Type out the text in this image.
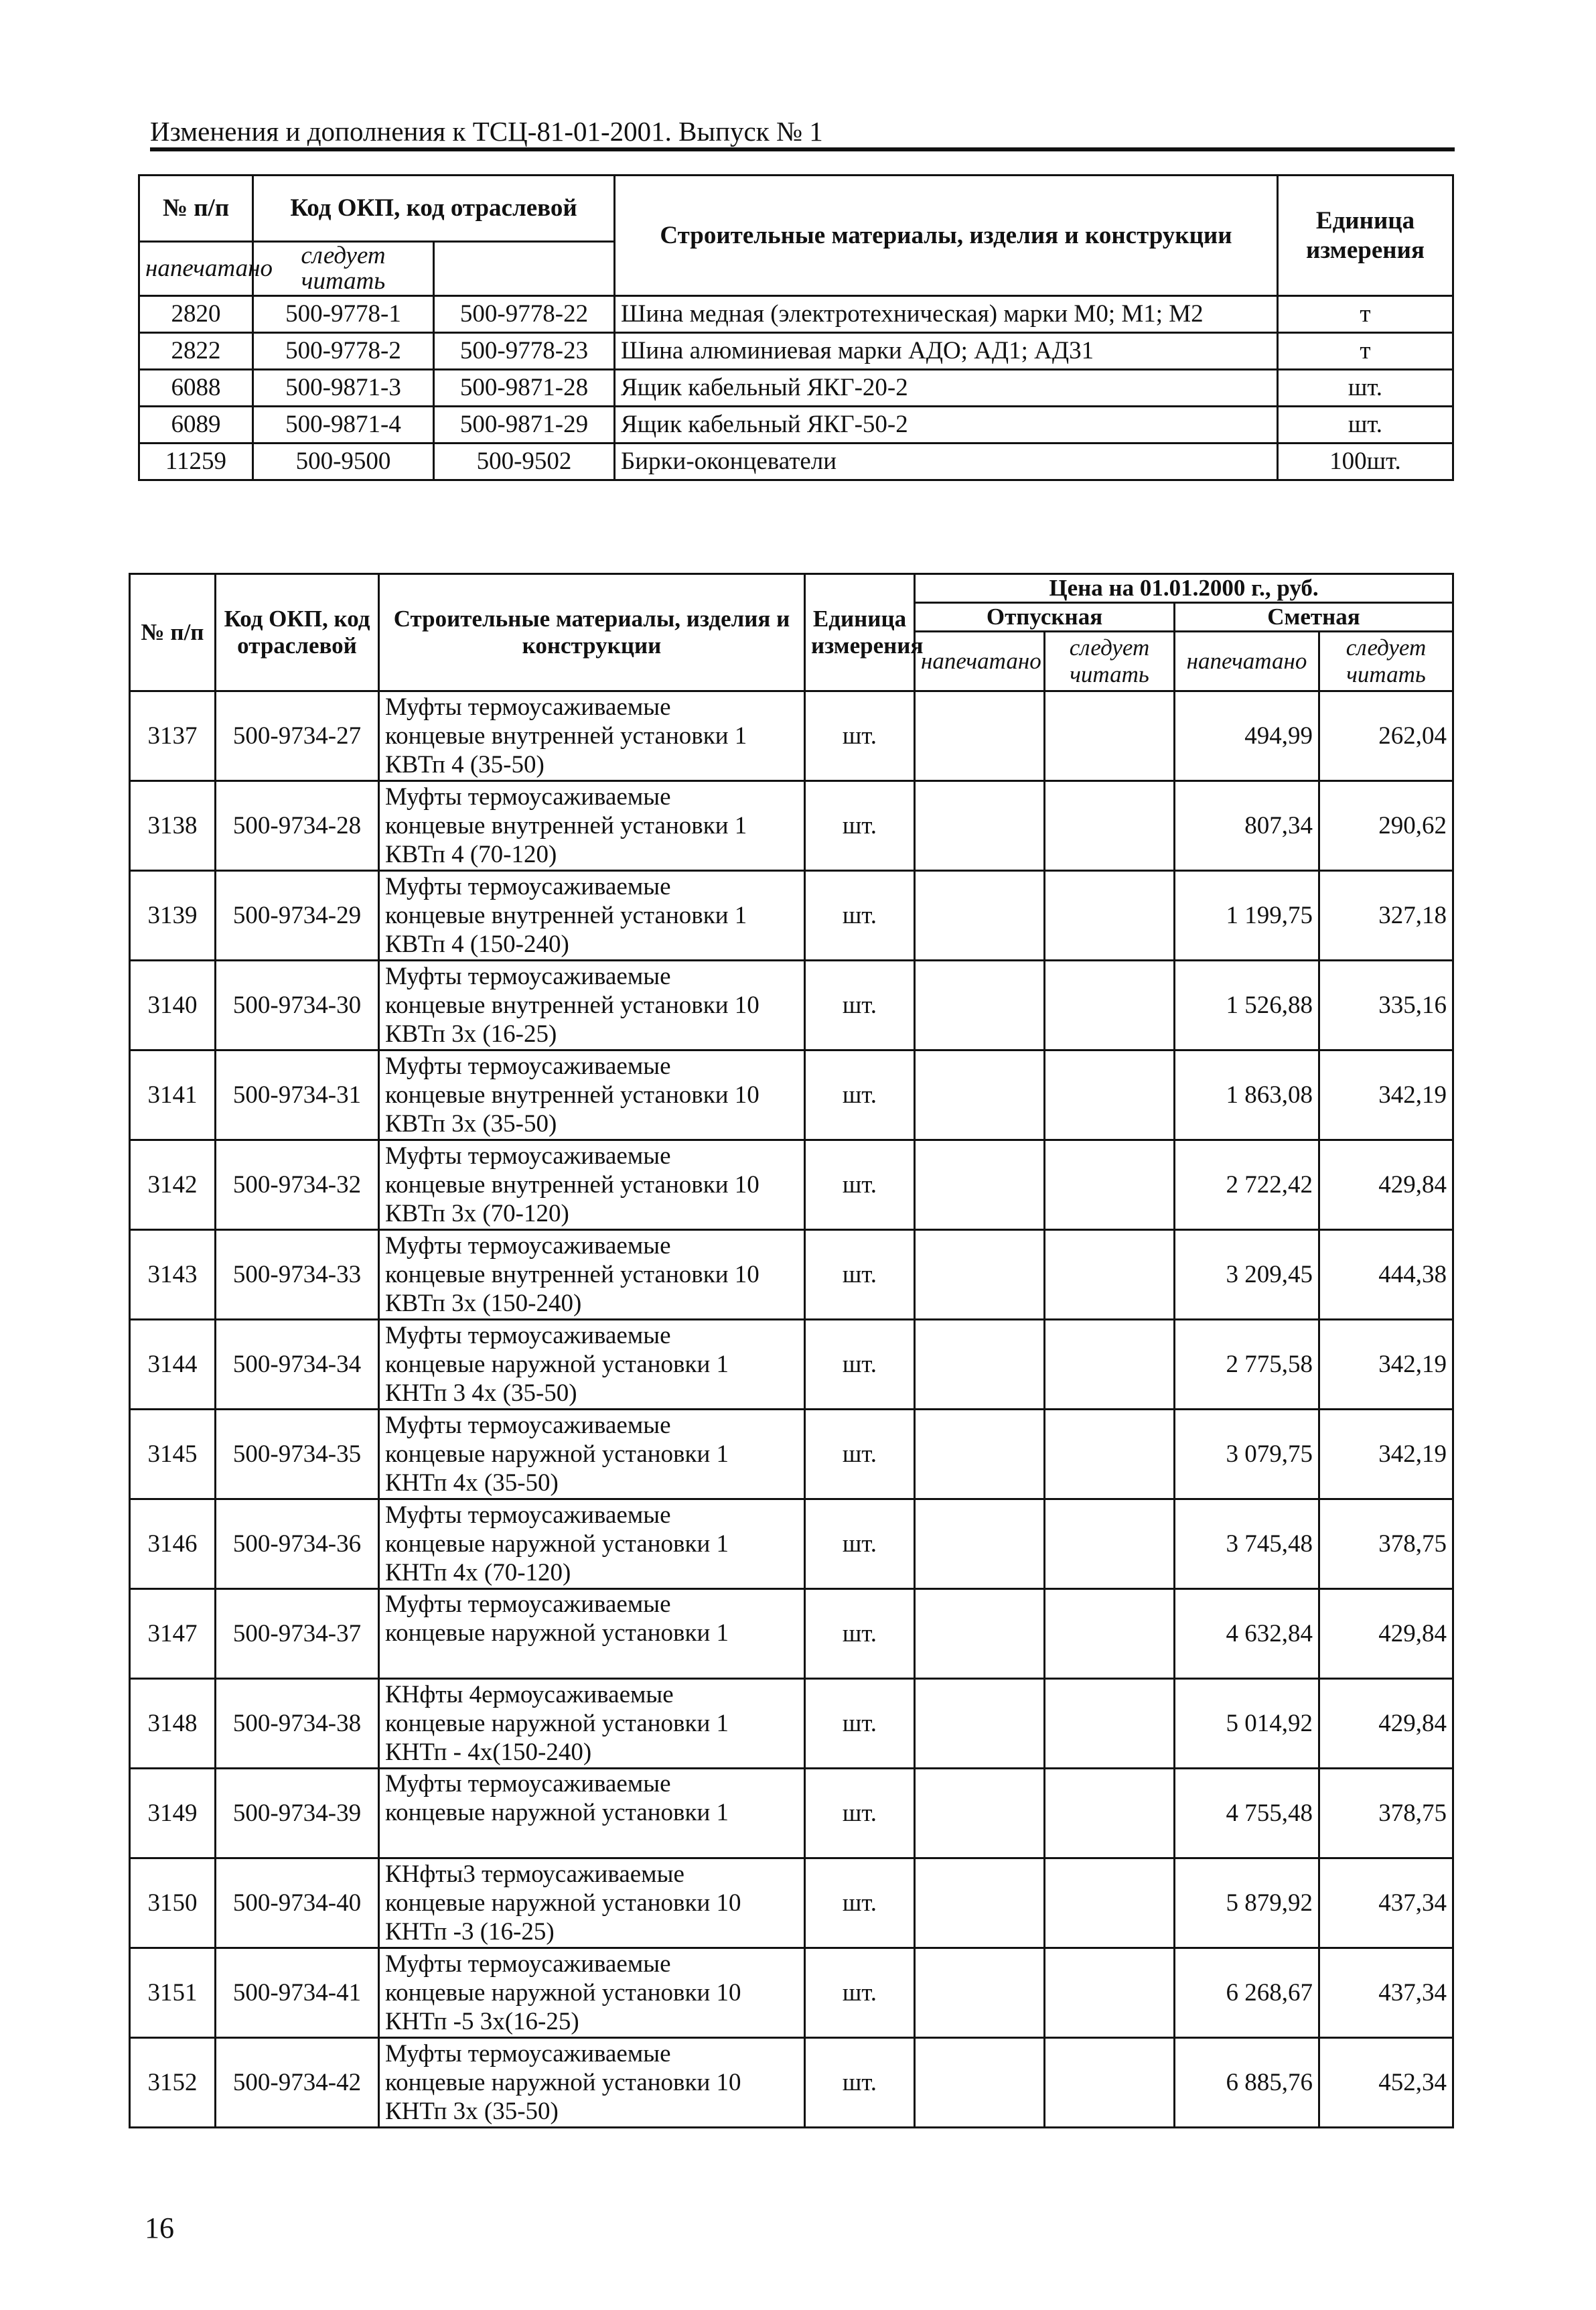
Изменения и дополнения к ТСЦ-81-01-2001. Выпуск № 1
№ п/п	Код ОКП, код отраслевой		Строительные материалы, изделия и конструкции	Единица измерения

напечатано	следует читать			
2820	500-9778-1	500-9778-22	Шина медная (электротехническая) марки М0; М1; М2	т
2822	500-9778-2	500-9778-23	Шина алюминиевая марки АДО; АД1; АД31	т
6088	500-9871-3	500-9871-28	Ящик кабельный ЯКГ-20-2	шт.
6089	500-9871-4	500-9871-29	Ящик кабельный ЯКГ-50-2	шт.
11259	500-9500	500-9502	Бирки-оконцеватели	100шт.
№ п/п	Код ОКП, код отраслевой	Строительные материалы, изделия и конструкции	Единица измерения	Цена на 01.01.2000 г., руб.			
				Отпускная		Сметная	
				напечатано	следует читать	напечатано	следует читать
3137	500-9734-27	Муфты термоусаживаемые
концевые внутренней установки 1
КВТп 4 (35-50)	шт.			494,99	262,04
3138	500-9734-28	Муфты термоусаживаемые
концевые внутренней установки 1
КВТп 4 (70-120)	шт.			807,34	290,62
3139	500-9734-29	Муфты термоусаживаемые
концевые внутренней установки 1
КВТп 4 (150-240)	шт.			1 199,75	327,18
3140	500-9734-30	Муфты термоусаживаемые
концевые внутренней установки 10
КВТп 3х (16-25)	шт.			1 526,88	335,16
3141	500-9734-31	Муфты термоусаживаемые
концевые внутренней установки 10
КВТп 3х (35-50)	шт.			1 863,08	342,19
3142	500-9734-32	Муфты термоусаживаемые
концевые внутренней установки 10
КВТп 3х (70-120)	шт.			2 722,42	429,84
3143	500-9734-33	Муфты термоусаживаемые
концевые внутренней установки 10
КВТп 3х (150-240)	шт.			3 209,45	444,38
3144	500-9734-34	Муфты термоусаживаемые
концевые наружной установки 1
КНТп 3 4х (35-50)	шт.			2 775,58	342,19
3145	500-9734-35	Муфты термоусаживаемые
концевые наружной установки 1
КНТп 4х (35-50)	шт.			3 079,75	342,19
3146	500-9734-36	Муфты термоусаживаемые
концевые наружной установки 1
КНТп 4х (70-120)	шт.			3 745,48	378,75
3147	500-9734-37	Муфты термоусаживаемые
концевые наружной установки 1	шт.			4 632,84	429,84
3148	500-9734-38	КНфты 4ермоусаживаемые
концевые наружной установки 1
КНТп - 4х(150-240)	шт.			5 014,92	429,84
3149	500-9734-39	Муфты термоусаживаемые
концевые наружной установки 1	шт.			4 755,48	378,75
3150	500-9734-40	КНфты3 термоусаживаемые
концевые наружной установки 10
КНТп -3 (16-25)	шт.			5 879,92	437,34
3151	500-9734-41	Муфты термоусаживаемые
концевые наружной установки 10
КНТп -5 3х(16-25)	шт.			6 268,67	437,34
3152	500-9734-42	Муфты термоусаживаемые
концевые наружной установки 10
КНТп 3х (35-50)	шт.			6 885,76	452,34
16
